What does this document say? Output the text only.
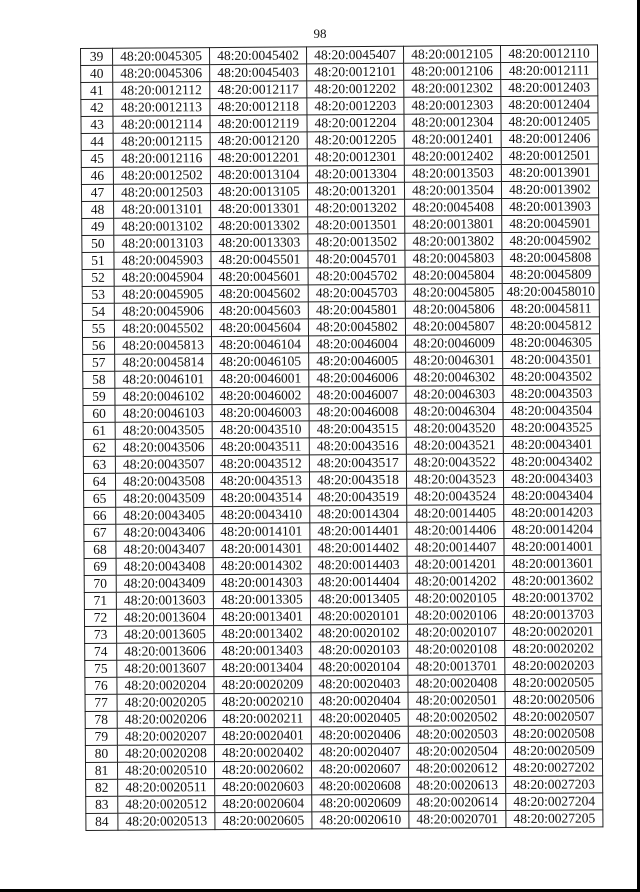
98
39	48:20:0045305	48:20:0045402	48:20:0045407	48:20:0012105	48:20:0012110
40	48:20:0045306	48:20:0045403	48:20:0012101	48:20:0012106	48:20:0012111
41	48:20:0012112	48:20:0012117	48:20:0012202	48:20:0012302	48:20:0012403
42	48:20:0012113	48:20:0012118	48:20:0012203	48:20:0012303	48:20:0012404
43	48:20:0012114	48:20:0012119	48:20:0012204	48:20:0012304	48:20:0012405
44	48:20:0012115	48:20:0012120	48:20:0012205	48:20:0012401	48:20:0012406
45	48:20:0012116	48:20:0012201	48:20:0012301	48:20:0012402	48:20:0012501
46	48:20:0012502	48:20:0013104	48:20:0013304	48:20:0013503	48:20:0013901
47	48:20:0012503	48:20:0013105	48:20:0013201	48:20:0013504	48:20:0013902
48	48:20:0013101	48:20:0013301	48:20:0013202	48:20:0045408	48:20:0013903
49	48:20:0013102	48:20:0013302	48:20:0013501	48:20:0013801	48:20:0045901
50	48:20:0013103	48:20:0013303	48:20:0013502	48:20:0013802	48:20:0045902
51	48:20:0045903	48:20:0045501	48:20:0045701	48:20:0045803	48:20:0045808
52	48:20:0045904	48:20:0045601	48:20:0045702	48:20:0045804	48:20:0045809
53	48:20:0045905	48:20:0045602	48:20:0045703	48:20:0045805	48:20:00458010
54	48:20:0045906	48:20:0045603	48:20:0045801	48:20:0045806	48:20:0045811
55	48:20:0045502	48:20:0045604	48:20:0045802	48:20:0045807	48:20:0045812
56	48:20:0045813	48:20:0046104	48:20:0046004	48:20:0046009	48:20:0046305
57	48:20:0045814	48:20:0046105	48:20:0046005	48:20:0046301	48:20:0043501
58	48:20:0046101	48:20:0046001	48:20:0046006	48:20:0046302	48:20:0043502
59	48:20:0046102	48:20:0046002	48:20:0046007	48:20:0046303	48:20:0043503
60	48:20:0046103	48:20:0046003	48:20:0046008	48:20:0046304	48:20:0043504
61	48:20:0043505	48:20:0043510	48:20:0043515	48:20:0043520	48:20:0043525
62	48:20:0043506	48:20:0043511	48:20:0043516	48:20:0043521	48:20:0043401
63	48:20:0043507	48:20:0043512	48:20:0043517	48:20:0043522	48:20:0043402
64	48:20:0043508	48:20:0043513	48:20:0043518	48:20:0043523	48:20:0043403
65	48:20:0043509	48:20:0043514	48:20:0043519	48:20:0043524	48:20:0043404
66	48:20:0043405	48:20:0043410	48:20:0014304	48:20:0014405	48:20:0014203
67	48:20:0043406	48:20:0014101	48:20:0014401	48:20:0014406	48:20:0014204
68	48:20:0043407	48:20:0014301	48:20:0014402	48:20:0014407	48:20:0014001
69	48:20:0043408	48:20:0014302	48:20:0014403	48:20:0014201	48:20:0013601
70	48:20:0043409	48:20:0014303	48:20:0014404	48:20:0014202	48:20:0013602
71	48:20:0013603	48:20:0013305	48:20:0013405	48:20:0020105	48:20:0013702
72	48:20:0013604	48:20:0013401	48:20:0020101	48:20:0020106	48:20:0013703
73	48:20:0013605	48:20:0013402	48:20:0020102	48:20:0020107	48:20:0020201
74	48:20:0013606	48:20:0013403	48:20:0020103	48:20:0020108	48:20:0020202
75	48:20:0013607	48:20:0013404	48:20:0020104	48:20:0013701	48:20:0020203
76	48:20:0020204	48:20:0020209	48:20:0020403	48:20:0020408	48:20:0020505
77	48:20:0020205	48:20:0020210	48:20:0020404	48:20:0020501	48:20:0020506
78	48:20:0020206	48:20:0020211	48:20:0020405	48:20:0020502	48:20:0020507
79	48:20:0020207	48:20:0020401	48:20:0020406	48:20:0020503	48:20:0020508
80	48:20:0020208	48:20:0020402	48:20:0020407	48:20:0020504	48:20:0020509
81	48:20:0020510	48:20:0020602	48:20:0020607	48:20:0020612	48:20:0027202
82	48:20:0020511	48:20:0020603	48:20:0020608	48:20:0020613	48:20:0027203
83	48:20:0020512	48:20:0020604	48:20:0020609	48:20:0020614	48:20:0027204
84	48:20:0020513	48:20:0020605	48:20:0020610	48:20:0020701	48:20:0027205
